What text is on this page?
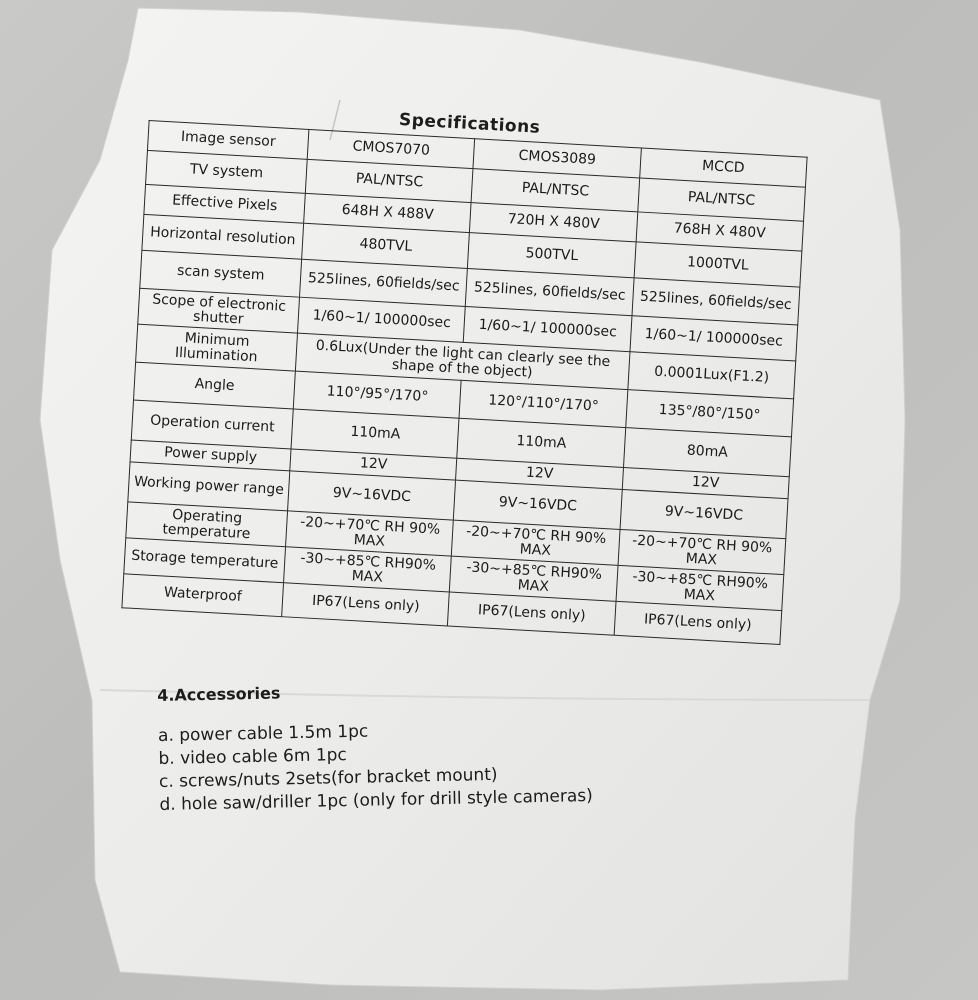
Specifications
Image sensor	CMOS7070	CMOS3089	MCCD
TV system	PAL/NTSC	PAL/NTSC	PAL/NTSC
Effective Pixels	648H X 488V	720H X 480V	768H X 480V
Horizontal resolution	480TVL	500TVL	1000TVL
scan system	525lines, 60fields/sec	525lines, 60fields/sec	525lines, 60fields/sec
Scope of electronic shutter	1/60~1/ 100000sec	1/60~1/ 100000sec	1/60~1/ 100000sec
Minimum Illumination	0.6Lux(Under the light can clearly see the shape of the object)		0.0001Lux(F1.2)
Angle	110°/95°/170°	120°/110°/170°	135°/80°/150°
Operation current	110mA	110mA	80mA
Power supply	12V	12V	12V
Working power range	9V~16VDC	9V~16VDC	9V~16VDC
Operating temperature	-20~+70℃ RH 90% MAX	-20~+70℃ RH 90% MAX	-20~+70℃ RH 90% MAX
Storage temperature	-30~+85℃ RH90% MAX	-30~+85℃ RH90% MAX	-30~+85℃ RH90% MAX
Waterproof	IP67(Lens only)	IP67(Lens only)	IP67(Lens only)
4.Accessories
a. power cable 1.5m 1pc
b. video cable 6m 1pc
c. screws/nuts 2sets(for bracket mount)
d. hole saw/driller 1pc (only for drill style cameras)
